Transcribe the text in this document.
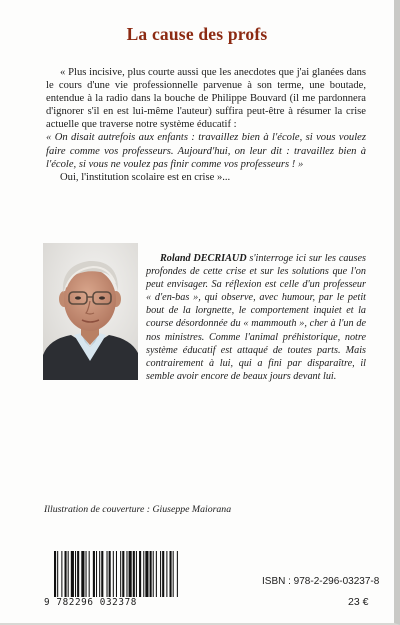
La cause des profs

« Plus incisive, plus courte aussi que les anecdotes que j'ai glanées dans le cours d'une vie professionnelle parvenue à son terme, une boutade, entendue à la radio dans la bouche de Philippe Bouvard (il me pardonnera d'ignorer s'il en est lui-même l'auteur) suffira peut-être à résumer la crise actuelle que traverse notre système éducatif :

« On disait autrefois aux enfants : travaillez bien à l'école, si vous voulez faire comme vos professeurs. Aujourd'hui, on leur dit : travaillez bien à l'école, si vous ne voulez pas finir comme vos professeurs ! »

Oui, l'institution scolaire est en crise »...

Roland DECRIAUD s'interroge ici sur les causes profondes de cette crise et sur les solutions que l'on peut envisager. Sa réflexion est celle d'un professeur « d'en-bas », qui observe, avec humour, par le petit bout de la lorgnette, le comportement inquiet et la course désordonnée du « mammouth », cher à l'un de nos ministres. Comme l'animal préhistorique, notre système éducatif est attaqué de toutes parts. Mais contrairement à lui, qui a fini par disparaître, il semble avoir encore de beaux jours devant lui.
Illustration de couverture : Giuseppe Maiorana
9 782296 032378
ISBN : 978-2-296-03237-8
23 €
